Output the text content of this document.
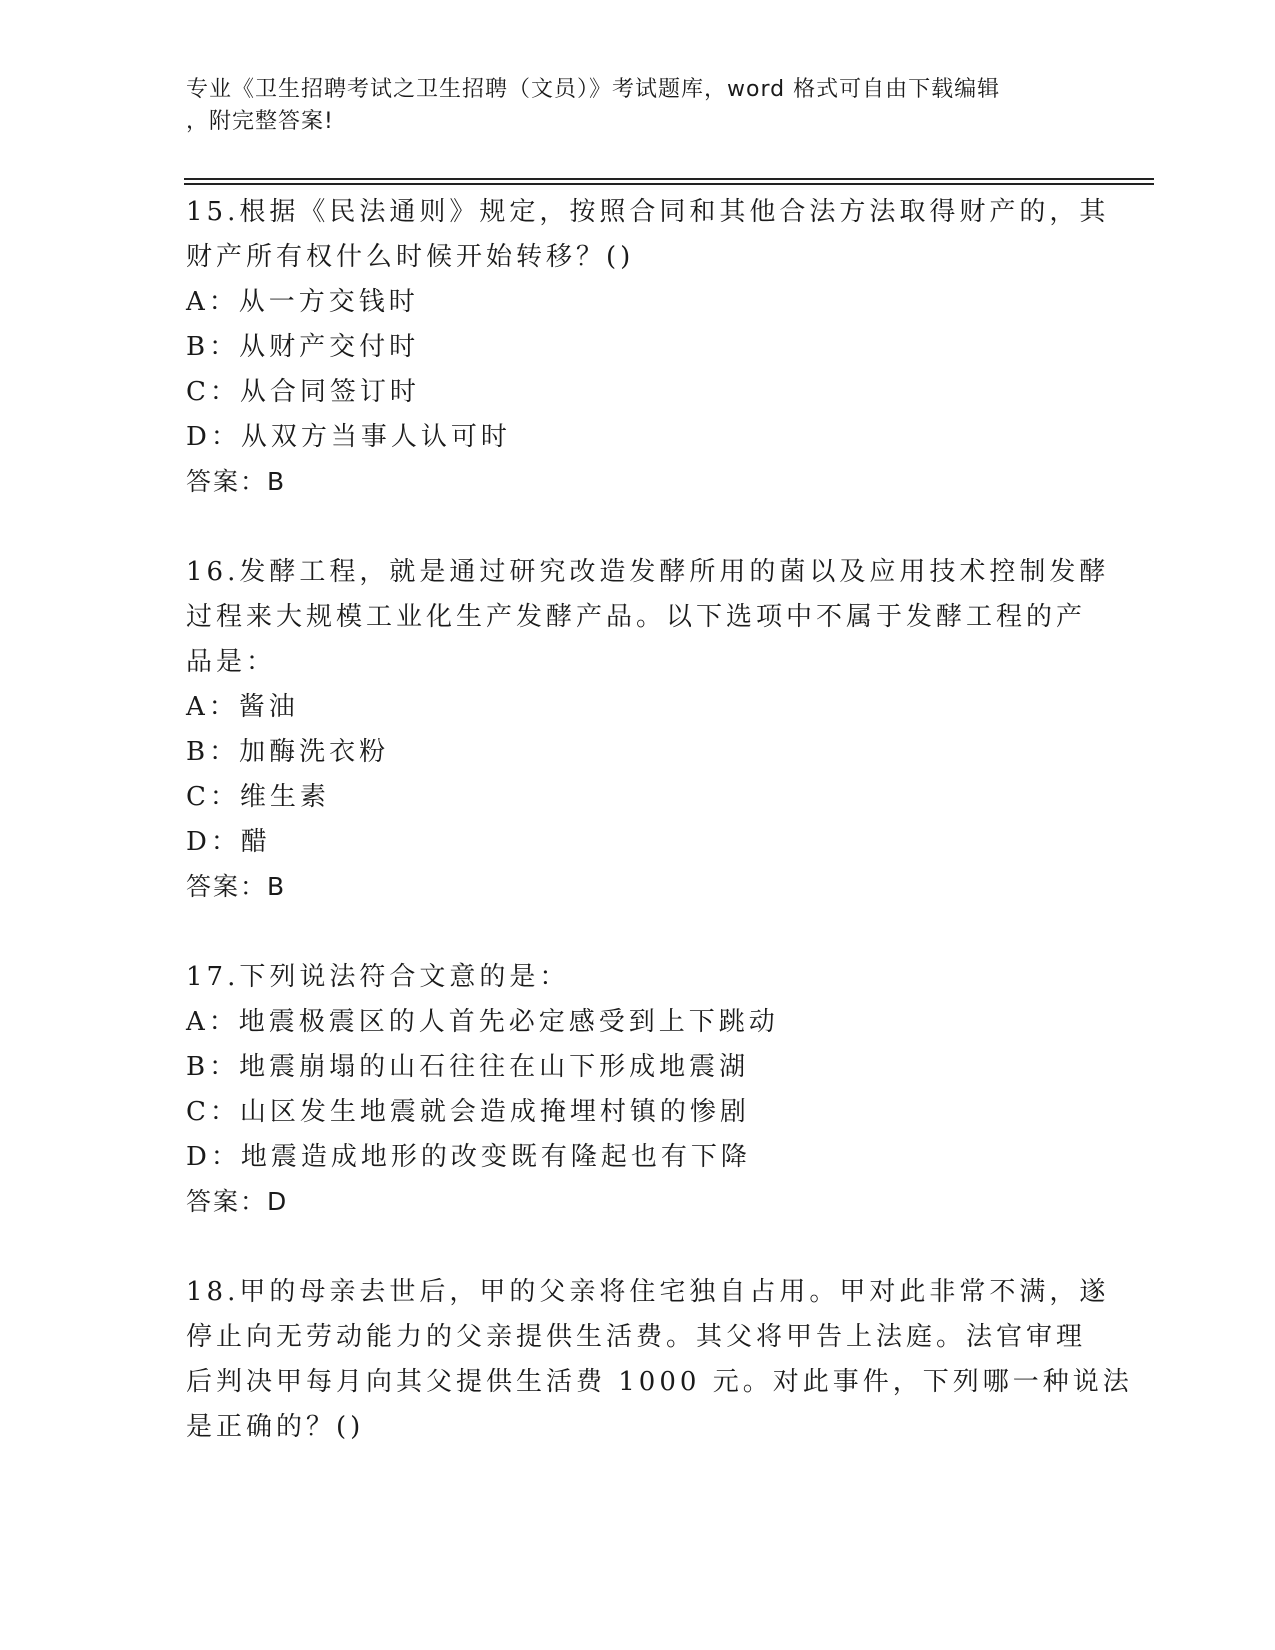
专业《卫生招聘考试之卫生招聘（文员）》考试题库，word 格式可自由下载编辑
，附完整答案!
15.根据《民法通则》规定，按照合同和其他合法方法取得财产的，其
财产所有权什么时候开始转移？()
A：从一方交钱时
B：从财产交付时
C：从合同签订时
D：从双方当事人认可时
答案：B
16.发酵工程，就是通过研究改造发酵所用的菌以及应用技术控制发酵
过程来大规模工业化生产发酵产品。以下选项中不属于发酵工程的产
品是：
A：酱油
B：加酶洗衣粉
C：维生素
D：醋
答案：B
17.下列说法符合文意的是：
A：地震极震区的人首先必定感受到上下跳动
B：地震崩塌的山石往往在山下形成地震湖
C：山区发生地震就会造成掩埋村镇的惨剧
D：地震造成地形的改变既有隆起也有下降
答案：D
18.甲的母亲去世后，甲的父亲将住宅独自占用。甲对此非常不满，遂
停止向无劳动能力的父亲提供生活费。其父将甲告上法庭。法官审理
后判决甲每月向其父提供生活费 1000 元。对此事件，下列哪一种说法
是正确的？()
